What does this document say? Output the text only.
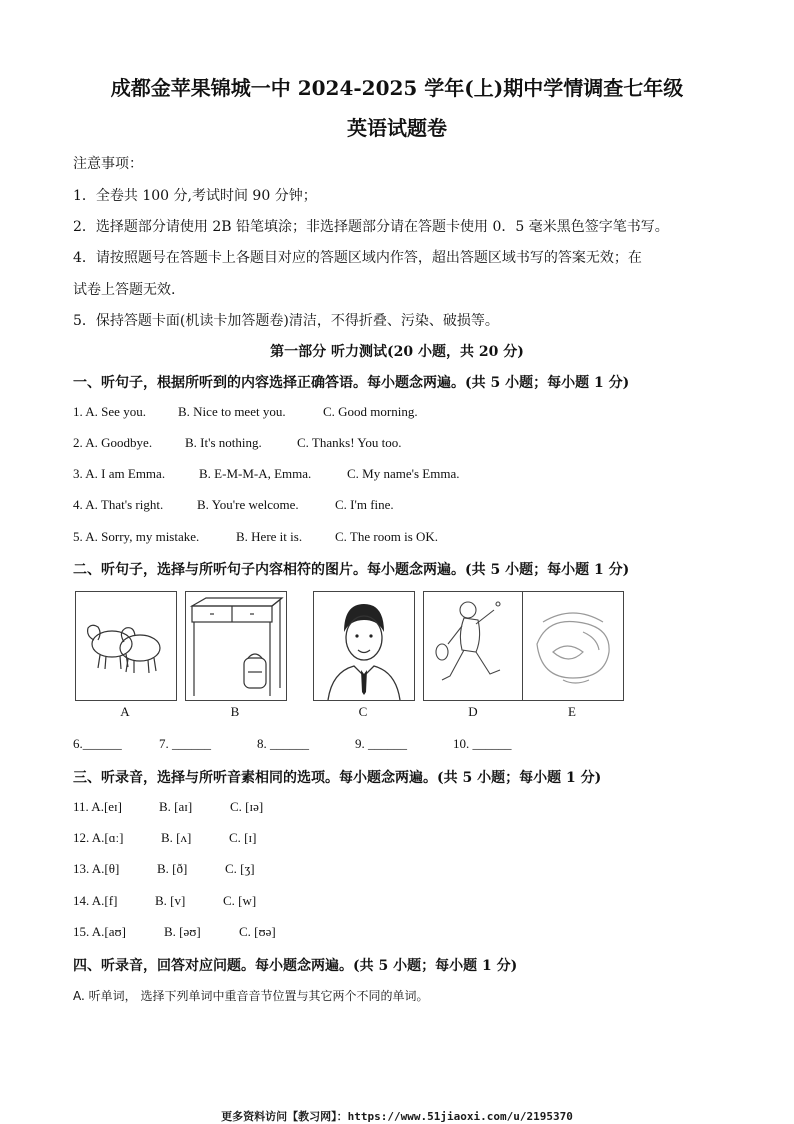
成都金苹果锦城一中 2024-2025 学年(上)期中学情调查七年级
英语试题卷
注意事项：
1．全卷共 100 分,考试时间 90 分钟；
2．选择题部分请使用 2B 铅笔填涂；非选择题部分请在答题卡使用 0．5 毫米黑色签字笔书写。
4．请按照题号在答题卡上各题目对应的答题区域内作答，超出答题区域书写的答案无效；在
试卷上答题无效.
5．保持答题卡面(机读卡加答题卷)清洁，不得折叠、污染、破损等。
第一部分 听力测试(20 小题，共 20 分)
一、听句子，根据所听到的内容选择正确答语。每小题念两遍。(共 5 小题；每小题 1 分)
1. A. See you. B. Nice to meet you.	C. Good morning.
2. A. Goodbye.	B. It's nothing.	C. Thanks! You too.
3. A. I am Emma.	B. E-M-M-A, Emma.	C. My name's Emma.
4. A. That's right.	B. You're welcome.	C. I'm fine.
5. A. Sorry, my mistake.	B. Here it is.	C. The room is OK.
二、听句子，选择与所听句子内容相符的图片。每小题念两遍。(共 5 小题；每小题 1 分)
A	B	C	D	E
6.______	7. ______	8. ______	9. ______	10. ______
三、听录音，选择与所听音素相同的选项。每小题念两遍。(共 5 小题；每小题 1 分)
11. A.[eɪ]	B. [aɪ]	C. [ɪə]
12. A.[ɑː]	B. [ʌ]	C. [ɪ]
13. A.[θ]	B. [ð]	C. [ʒ]
14. A.[f]	B. [v]	C. [w]
15. A.[aʊ]	B. [əʊ]	C. [ʊə]
四、听录音，回答对应问题。每小题念两遍。(共 5 小题；每小题 1 分)
A. 听单词， 选择下列单词中重音音节位置与其它两个不同的单词。
更多资料访问【教习网】：https://www.51jiaoxi.com/u/2195370
